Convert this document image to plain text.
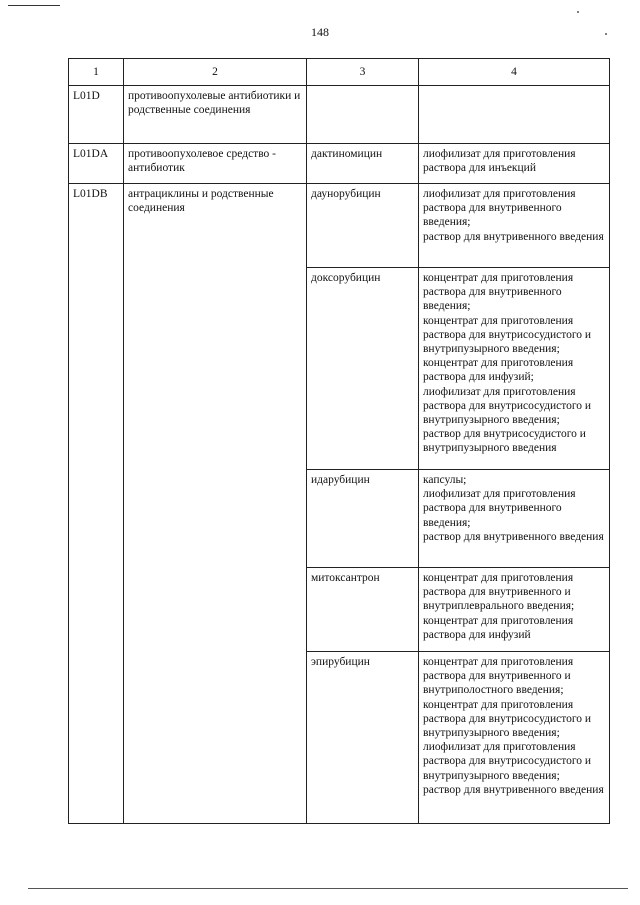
148
1	2	3	4
L01D	противоопухолевые антибиотики и родственные соединения		
L01DA	противоопухолевое средство - антибиотик	дактиномицин	лиофилизат для приготовления раствора для инъекций
L01DB	антрациклины и родственные соединения	даунорубицин	лиофилизат для приготовления раствора для внутривенного введения;
раствор для внутривенного введения
		доксорубицин	концентрат для приготовления раствора для внутривенного введения;
концентрат для приготовления раствора для внутрисосудистого и внутрипузырного введения;
концентрат для приготовления раствора для инфузий;
лиофилизат для приготовления раствора для внутрисосудистого и внутрипузырного введения;
раствор для внутрисосудистого и внутрипузырного введения
		идарубицин	капсулы;
лиофилизат для приготовления раствора для внутривенного введения;
раствор для внутривенного введения
		митоксантрон	концентрат для приготовления раствора для внутривенного и внутриплеврального введения;
концентрат для приготовления раствора для инфузий
		эпирубицин	концентрат для приготовления раствора для внутривенного и внутриполостного введения;
концентрат для приготовления раствора для внутрисосудистого и внутрипузырного введения;
лиофилизат для приготовления раствора для внутрисосудистого и внутрипузырного введения;
раствор для внутривенного введения
